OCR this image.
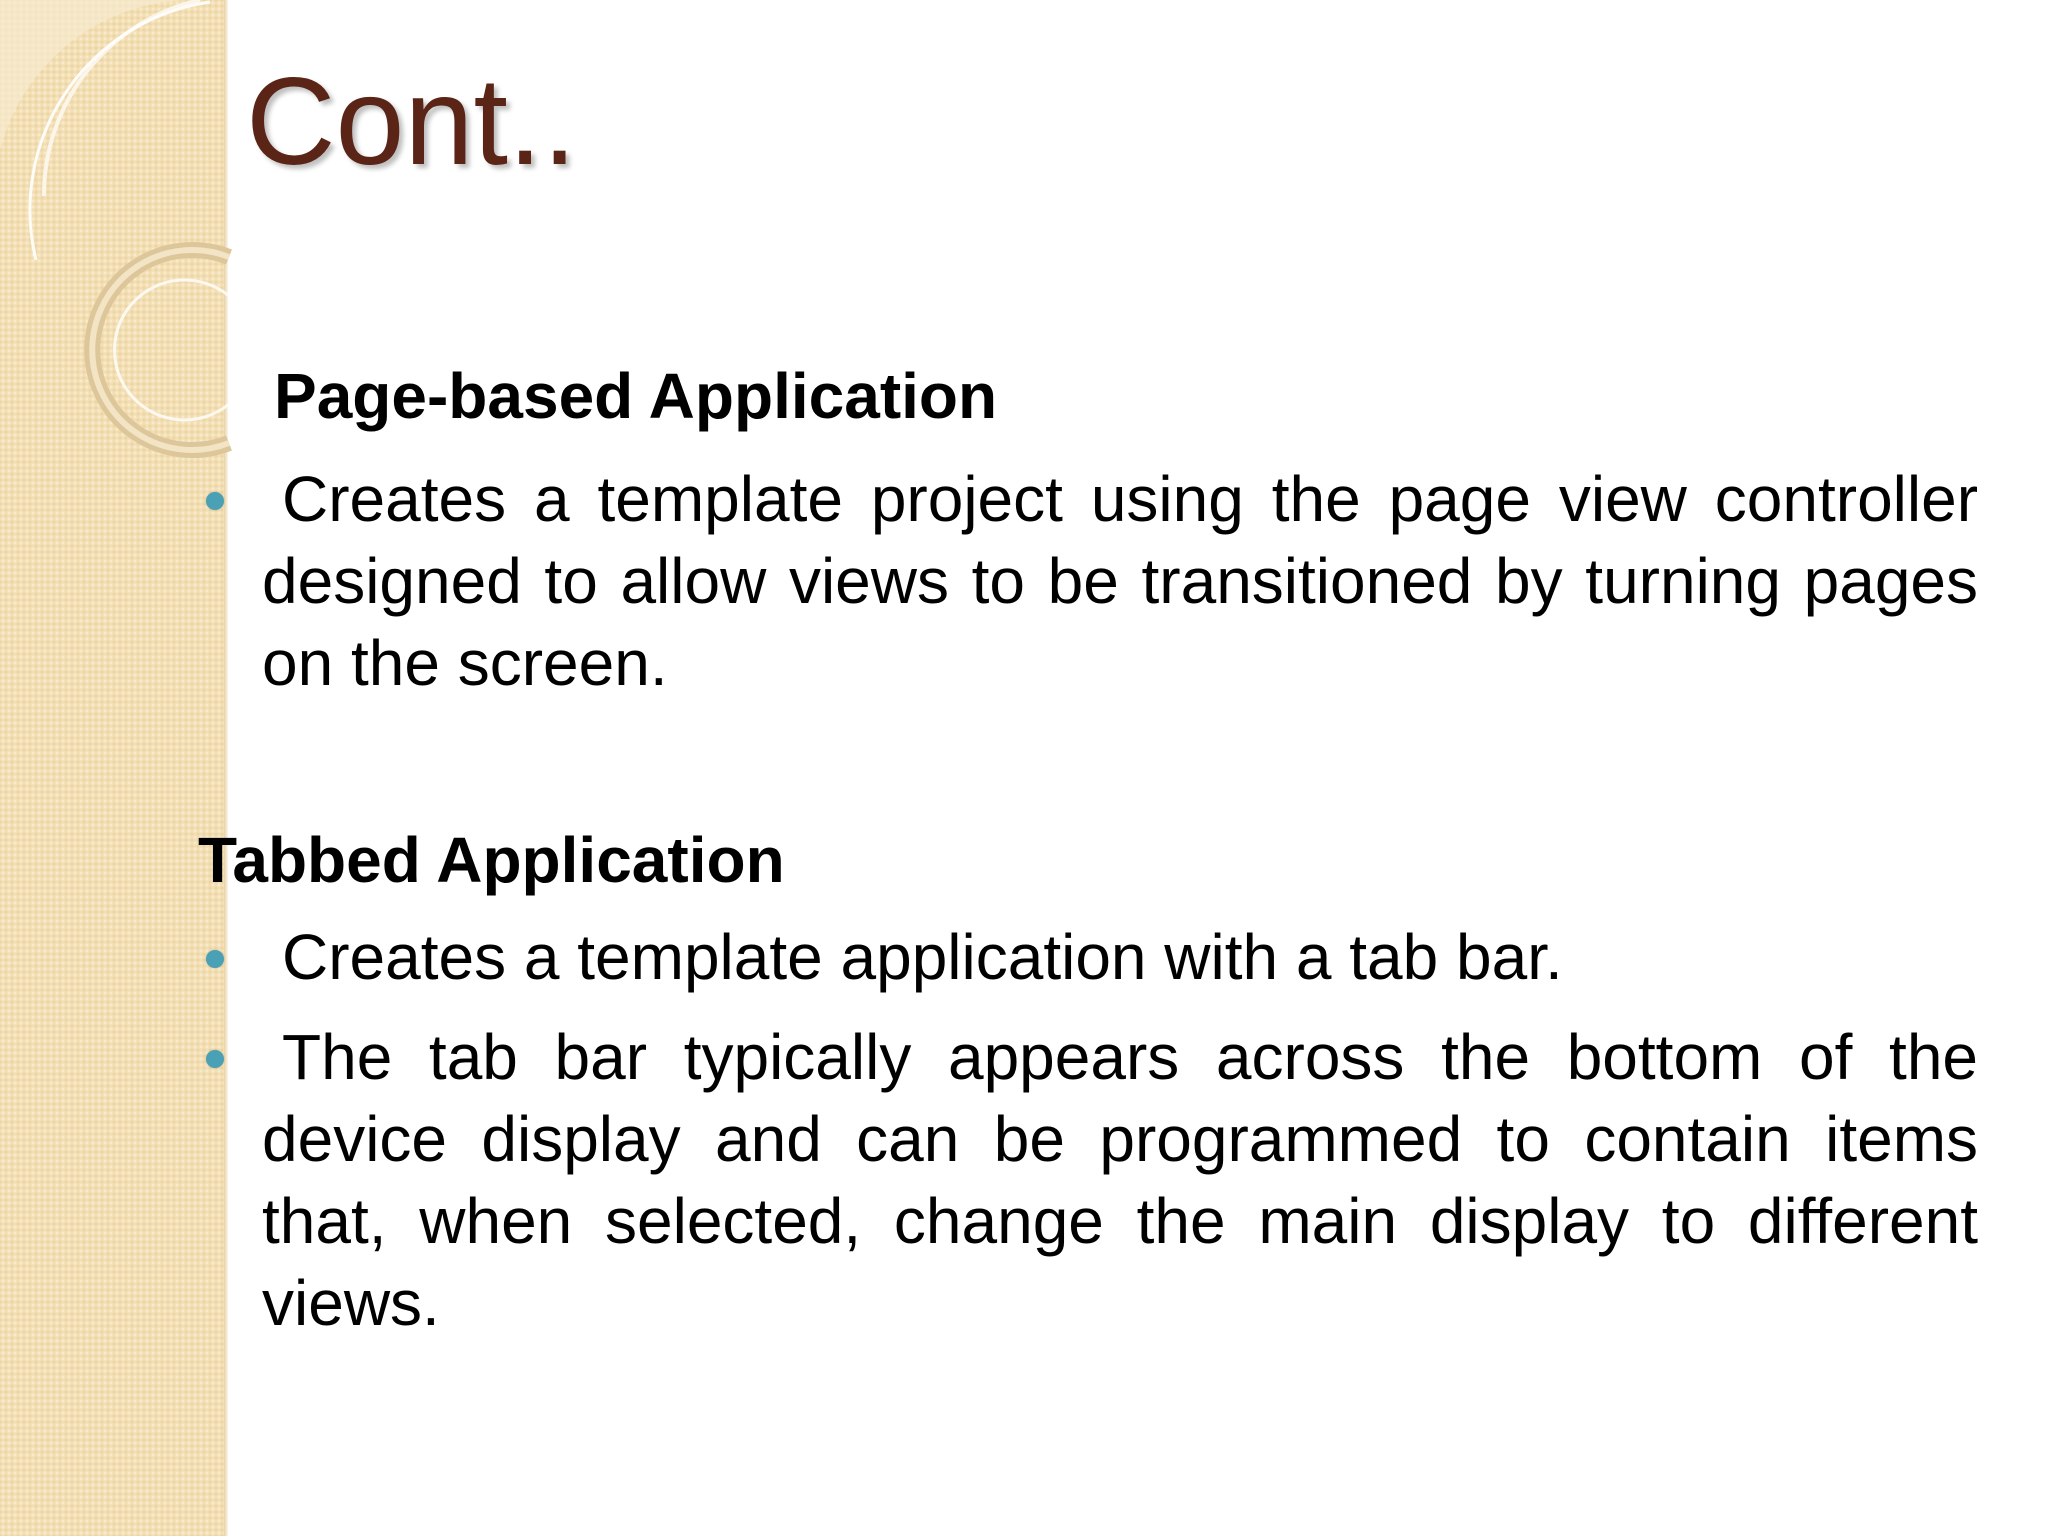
Cont..
Page-based Application

Creates a template project using the page view controller designed to allow views to be transitioned by turning pages on the screen.

Tabbed Application

Creates a template application with a tab bar.

The tab bar typically appears across the bottom of the device display and can be programmed to contain items that, when selected, change the main display to different views.
